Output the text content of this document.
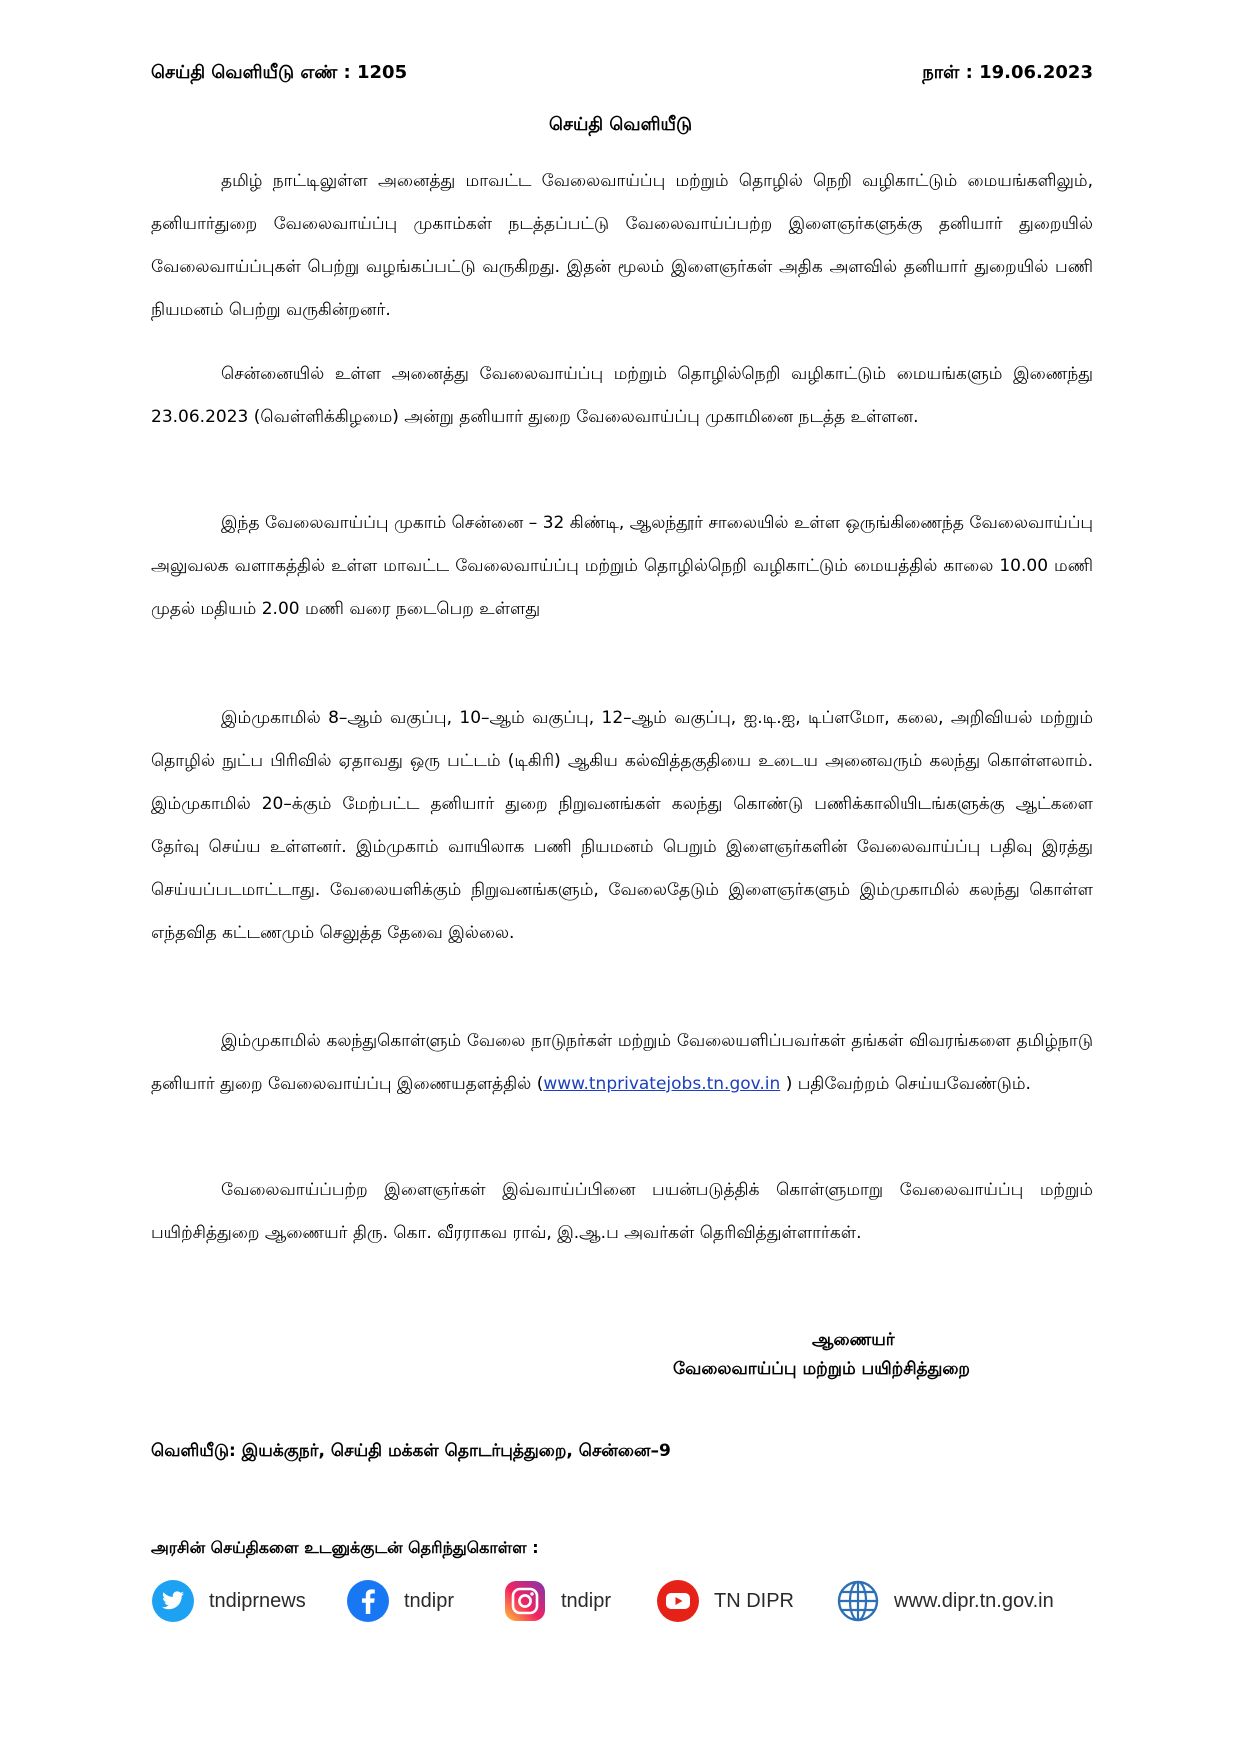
செய்தி வெளியீடு எண் : 1205	நாள் : 19.06.2023
செய்தி வெளியீடு

தமிழ் நாட்டிலுள்ள அனைத்து மாவட்ட வேலைவாய்ப்பு மற்றும் தொழில் நெறி வழிகாட்டும் மையங்களிலும், தனியார்துறை வேலைவாய்ப்பு முகாம்கள் நடத்தப்பட்டு வேலைவாய்ப்பற்ற இளைஞர்களுக்கு தனியார் துறையில் வேலைவாய்ப்புகள் பெற்று வழங்கப்பட்டு வருகிறது. இதன் மூலம் இளைஞர்கள் அதிக அளவில் தனியார் துறையில் பணி நியமனம் பெற்று வருகின்றனர்.

சென்னையில் உள்ள அனைத்து வேலைவாய்ப்பு மற்றும் தொழில்நெறி வழிகாட்டும் மையங்களும் இணைந்து 23.06.2023 (வெள்ளிக்கிழமை) அன்று தனியார் துறை வேலைவாய்ப்பு முகாமினை நடத்த உள்ளன.

இந்த வேலைவாய்ப்பு முகாம் சென்னை – 32 கிண்டி, ஆலந்தூர் சாலையில் உள்ள ஒருங்கிணைந்த வேலைவாய்ப்பு அலுவலக வளாகத்தில் உள்ள மாவட்ட வேலைவாய்ப்பு மற்றும் தொழில்நெறி வழிகாட்டும் மையத்தில் காலை 10.00 மணி முதல் மதியம் 2.00 மணி வரை நடைபெற உள்ளது

இம்முகாமில் 8–ஆம் வகுப்பு, 10–ஆம் வகுப்பு, 12–ஆம் வகுப்பு, ஐ.டி.ஐ, டிப்ளமோ, கலை, அறிவியல் மற்றும் தொழில் நுட்ப பிரிவில் ஏதாவது ஒரு பட்டம் (டிகிரி) ஆகிய கல்வித்தகுதியை உடைய அனைவரும் கலந்து கொள்ளலாம். இம்முகாமில் 20–க்கும் மேற்பட்ட தனியார் துறை நிறுவனங்கள் கலந்து கொண்டு பணிக்காலியிடங்களுக்கு ஆட்களை தேர்வு செய்ய உள்ளனர். இம்முகாம் வாயிலாக பணி நியமனம் பெறும் இளைஞர்களின் வேலைவாய்ப்பு பதிவு இரத்து செய்யப்படமாட்டாது. வேலையளிக்கும் நிறுவனங்களும், வேலைதேடும் இளைஞர்களும் இம்முகாமில் கலந்து கொள்ள எந்தவித கட்டணமும் செலுத்த தேவை இல்லை.

இம்முகாமில் கலந்துகொள்ளும் வேலை நாடுநர்கள் மற்றும் வேலையளிப்பவர்கள் தங்கள் விவரங்களை தமிழ்நாடு தனியார் துறை வேலைவாய்ப்பு இணையதளத்தில் (www.tnprivatejobs.tn.gov.in ) பதிவேற்றம் செய்யவேண்டும்.

வேலைவாய்ப்பற்ற இளைஞர்கள் இவ்வாய்ப்பினை பயன்படுத்திக் கொள்ளுமாறு வேலைவாய்ப்பு மற்றும் பயிற்சித்துறை ஆணையர் திரு. கொ. வீரராகவ ராவ், இ.ஆ.ப அவர்கள் தெரிவித்துள்ளார்கள்.

ஆணையர்
வேலைவாய்ப்பு மற்றும் பயிற்சித்துறை
வெளியீடு: இயக்குநர், செய்தி மக்கள் தொடர்புத்துறை, சென்னை–9
அரசின் செய்திகளை உடனுக்குடன் தெரிந்துகொள்ள :
tndiprnews	tndipr	tndipr	TN DIPR	www.dipr.tn.gov.in
